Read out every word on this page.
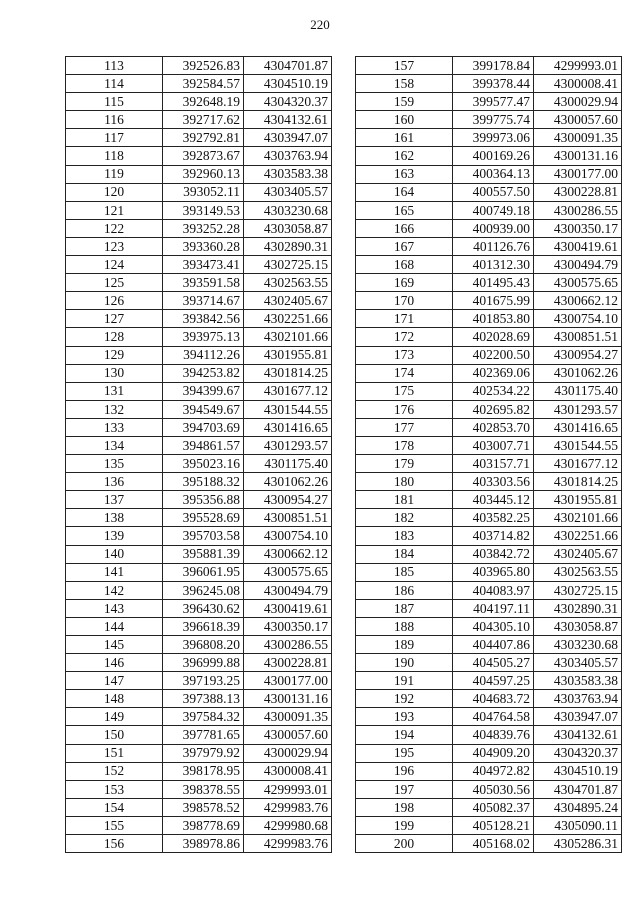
220
113	392526.83	4304701.87
114	392584.57	4304510.19
115	392648.19	4304320.37
116	392717.62	4304132.61
117	392792.81	4303947.07
118	392873.67	4303763.94
119	392960.13	4303583.38
120	393052.11	4303405.57
121	393149.53	4303230.68
122	393252.28	4303058.87
123	393360.28	4302890.31
124	393473.41	4302725.15
125	393591.58	4302563.55
126	393714.67	4302405.67
127	393842.56	4302251.66
128	393975.13	4302101.66
129	394112.26	4301955.81
130	394253.82	4301814.25
131	394399.67	4301677.12
132	394549.67	4301544.55
133	394703.69	4301416.65
134	394861.57	4301293.57
135	395023.16	4301175.40
136	395188.32	4301062.26
137	395356.88	4300954.27
138	395528.69	4300851.51
139	395703.58	4300754.10
140	395881.39	4300662.12
141	396061.95	4300575.65
142	396245.08	4300494.79
143	396430.62	4300419.61
144	396618.39	4300350.17
145	396808.20	4300286.55
146	396999.88	4300228.81
147	397193.25	4300177.00
148	397388.13	4300131.16
149	397584.32	4300091.35
150	397781.65	4300057.60
151	397979.92	4300029.94
152	398178.95	4300008.41
153	398378.55	4299993.01
154	398578.52	4299983.76
155	398778.69	4299980.68
156	398978.86	4299983.76
157	399178.84	4299993.01
158	399378.44	4300008.41
159	399577.47	4300029.94
160	399775.74	4300057.60
161	399973.06	4300091.35
162	400169.26	4300131.16
163	400364.13	4300177.00
164	400557.50	4300228.81
165	400749.18	4300286.55
166	400939.00	4300350.17
167	401126.76	4300419.61
168	401312.30	4300494.79
169	401495.43	4300575.65
170	401675.99	4300662.12
171	401853.80	4300754.10
172	402028.69	4300851.51
173	402200.50	4300954.27
174	402369.06	4301062.26
175	402534.22	4301175.40
176	402695.82	4301293.57
177	402853.70	4301416.65
178	403007.71	4301544.55
179	403157.71	4301677.12
180	403303.56	4301814.25
181	403445.12	4301955.81
182	403582.25	4302101.66
183	403714.82	4302251.66
184	403842.72	4302405.67
185	403965.80	4302563.55
186	404083.97	4302725.15
187	404197.11	4302890.31
188	404305.10	4303058.87
189	404407.86	4303230.68
190	404505.27	4303405.57
191	404597.25	4303583.38
192	404683.72	4303763.94
193	404764.58	4303947.07
194	404839.76	4304132.61
195	404909.20	4304320.37
196	404972.82	4304510.19
197	405030.56	4304701.87
198	405082.37	4304895.24
199	405128.21	4305090.11
200	405168.02	4305286.31
